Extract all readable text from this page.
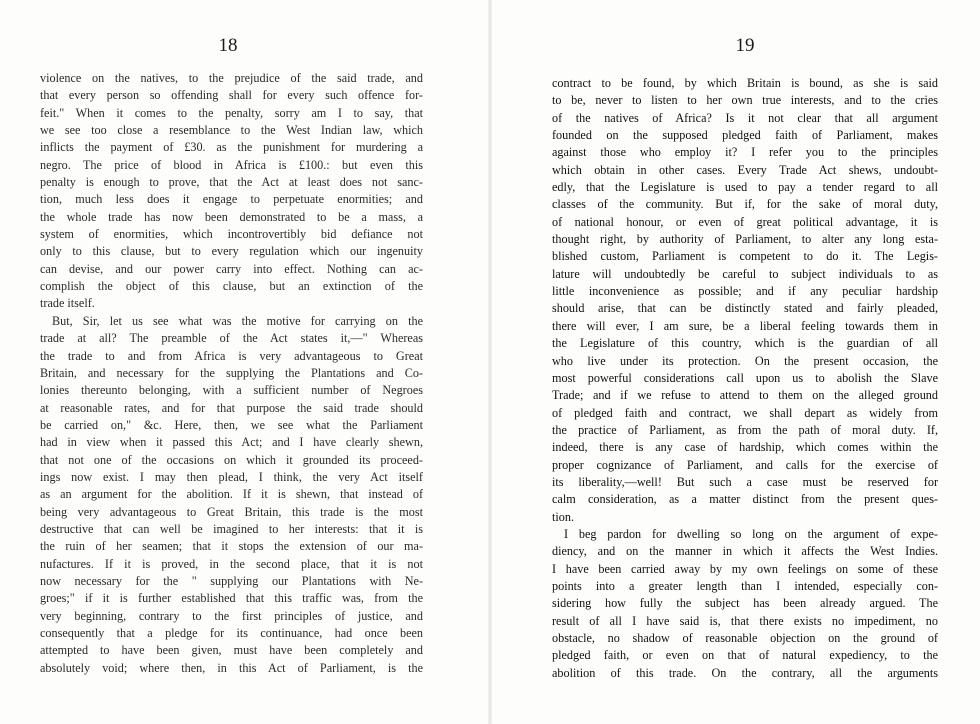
18
violence on the natives, to the prejudice of the said trade, and
that every person so offending shall for every such offence for-
feit." When it comes to the penalty, sorry am I to say, that
we see too close a resemblance to the West Indian law, which
inflicts the payment of £30. as the punishment for murdering a
negro. The price of blood in Africa is £100.: but even this
penalty is enough to prove, that the Act at least does not sanc-
tion, much less does it engage to perpetuate enormities; and
the whole trade has now been demonstrated to be a mass, a
system of enormities, which incontrovertibly bid defiance not
only to this clause, but to every regulation which our ingenuity
can devise, and our power carry into effect. Nothing can ac-
complish the object of this clause, but an extinction of the
trade itself.
But, Sir, let us see what was the motive for carrying on the
trade at all? The preamble of the Act states it,—" Whereas
the trade to and from Africa is very advantageous to Great
Britain, and necessary for the supplying the Plantations and Co-
lonies thereunto belonging, with a sufficient number of Negroes
at reasonable rates, and for that purpose the said trade should
be carried on," &c. Here, then, we see what the Parliament
had in view when it passed this Act; and I have clearly shewn,
that not one of the occasions on which it grounded its proceed-
ings now exist. I may then plead, I think, the very Act itself
as an argument for the abolition. If it is shewn, that instead of
being very advantageous to Great Britain, this trade is the most
destructive that can well be imagined to her interests: that it is
the ruin of her seamen; that it stops the extension of our ma-
nufactures. If it is proved, in the second place, that it is not
now necessary for the " supplying our Plantations with Ne-
groes;" if it is further established that this traffic was, from the
very beginning, contrary to the first principles of justice, and
consequently that a pledge for its continuance, had once been
attempted to have been given, must have been completely and
absolutely void; where then, in this Act of Parliament, is the
19
contract to be found, by which Britain is bound, as she is said
to be, never to listen to her own true interests, and to the cries
of the natives of Africa? Is it not clear that all argument
founded on the supposed pledged faith of Parliament, makes
against those who employ it? I refer you to the principles
which obtain in other cases. Every Trade Act shews, undoubt-
edly, that the Legislature is used to pay a tender regard to all
classes of the community. But if, for the sake of moral duty,
of national honour, or even of great political advantage, it is
thought right, by authority of Parliament, to alter any long esta-
blished custom, Parliament is competent to do it. The Legis-
lature will undoubtedly be careful to subject individuals to as
little inconvenience as possible; and if any peculiar hardship
should arise, that can be distinctly stated and fairly pleaded,
there will ever, I am sure, be a liberal feeling towards them in
the Legislature of this country, which is the guardian of all
who live under its protection. On the present occasion, the
most powerful considerations call upon us to abolish the Slave
Trade; and if we refuse to attend to them on the alleged ground
of pledged faith and contract, we shall depart as widely from
the practice of Parliament, as from the path of moral duty. If,
indeed, there is any case of hardship, which comes within the
proper cognizance of Parliament, and calls for the exercise of
its liberality,—well! But such a case must be reserved for
calm consideration, as a matter distinct from the present ques-
tion.
I beg pardon for dwelling so long on the argument of expe-
diency, and on the manner in which it affects the West Indies.
I have been carried away by my own feelings on some of these
points into a greater length than I intended, especially con-
sidering how fully the subject has been already argued. The
result of all I have said is, that there exists no impediment, no
obstacle, no shadow of reasonable objection on the ground of
pledged faith, or even on that of natural expediency, to the
abolition of this trade. On the contrary, all the arguments
